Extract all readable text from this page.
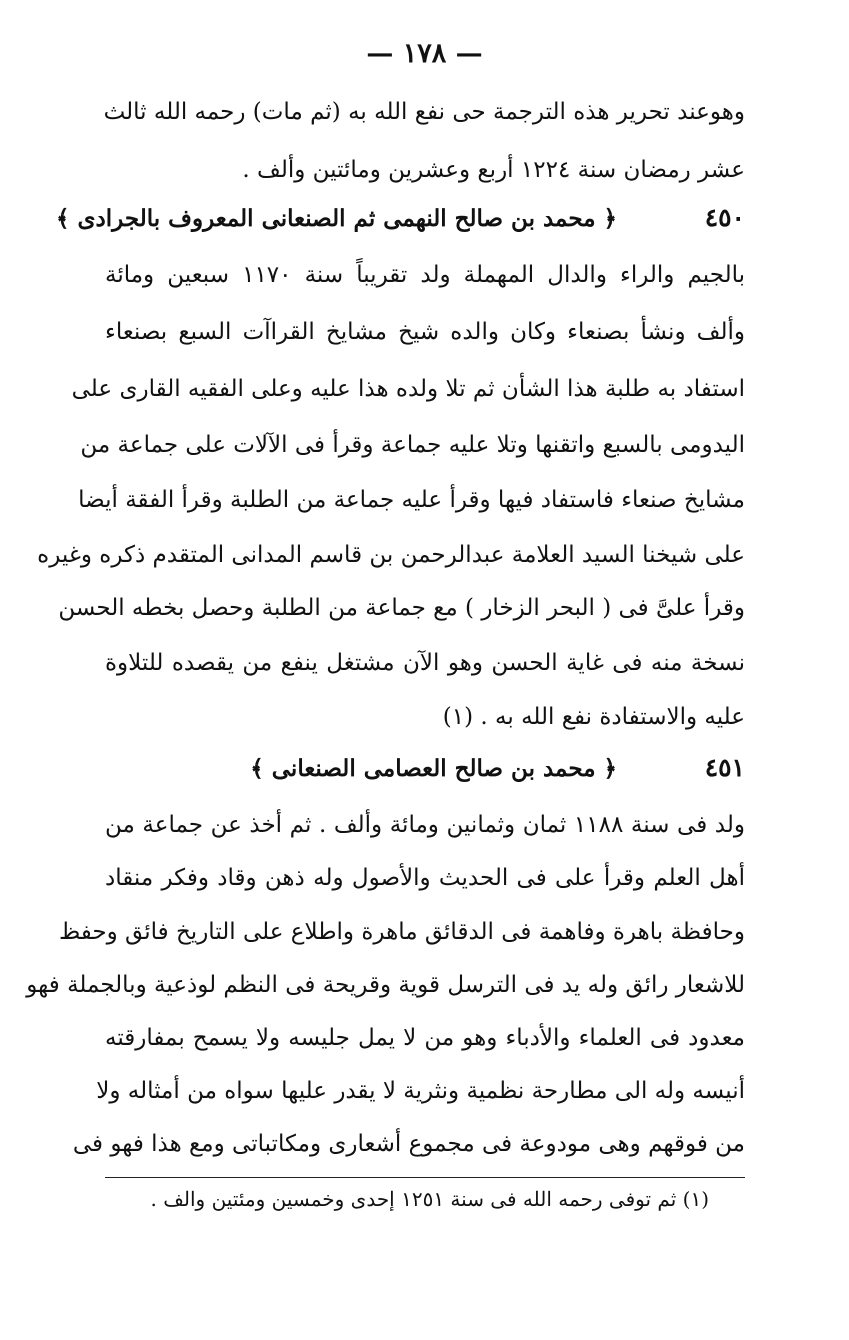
— ١٧٨ —
وهوعند تحرير هذه الترجمة حى نفع الله به (ثم مات) رحمه الله ثالث
عشر رمضان سنة ١٢٢٤ أربع وعشرين ومائتين وألف .
٤٥٠﴿ محمد بن صالح النهمى ثم الصنعانى المعروف بالجرادى ﴾
بالجيم والراء والدال المهملة ولد تقريباً سنة ١١٧٠ سبعين ومائة
وألف ونشأ بصنعاء وكان والده شيخ مشايخ القراآت السبع بصنعاء
استفاد به طلبة هذا الشأن ثم تلا ولده هذا عليه وعلى الفقيه القارى على
اليدومى بالسبع واتقنها وتلا عليه جماعة وقرأ فى الآلات على جماعة من
مشايخ صنعاء فاستفاد فيها وقرأ عليه جماعة من الطلبة وقرأ الفقة أيضا
على شيخنا السيد العلامة عبدالرحمن بن قاسم المدانى المتقدم ذكره وغيره
وقرأ علىَّ فى ( البحر الزخار ) مع جماعة من الطلبة وحصل بخطه الحسن
نسخة منه فى غاية الحسن وهو الآن مشتغل ينفع من يقصده للتلاوة
عليه والاستفادة نفع الله به . (١)
٤٥١﴿ محمد بن صالح العصامى الصنعانى ﴾
ولد فى سنة ١١٨٨ ثمان وثمانين ومائة وألف . ثم أخذ عن جماعة من
أهل العلم وقرأ على فى الحديث والأصول وله ذهن وقاد وفكر منقاد
وحافظة باهرة وفاهمة فى الدقائق ماهرة واطلاع على التاريخ فائق وحفظ
للاشعار رائق وله يد فى الترسل قوية وقريحة فى النظم لوذعية وبالجملة فهو
معدود فى العلماء والأدباء وهو من لا يمل جليسه ولا يسمح بمفارقته
أنيسه وله الى مطارحة نظمية ونثرية لا يقدر عليها سواه من أمثاله ولا
من فوقهم وهى مودوعة فى مجموع أشعارى ومكاتباتى ومع هذا فهو فى
(١) ثم توفى رحمه الله فى سنة ١٢٥١ إحدى وخمسين ومئتين والف .
